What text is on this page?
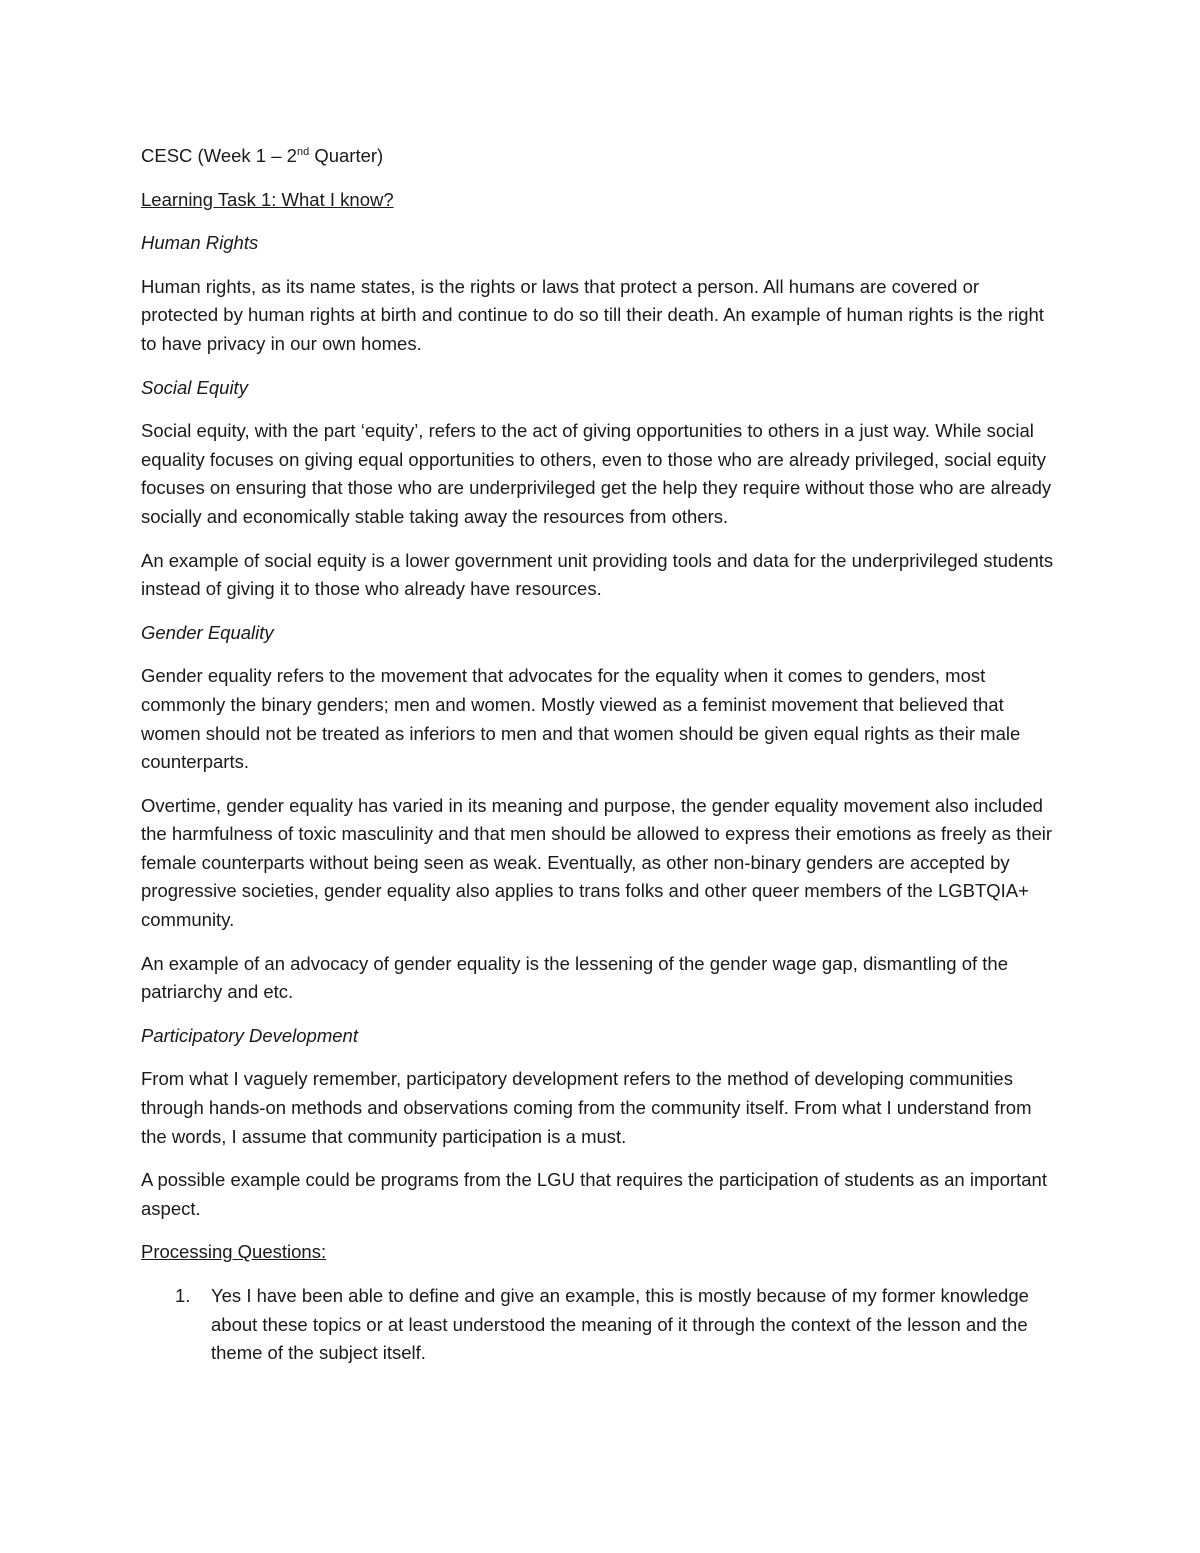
CESC (Week 1 – 2nd Quarter)

Learning Task 1: What I know?

Human Rights

Human rights, as its name states, is the rights or laws that protect a person. All humans are covered or protected by human rights at birth and continue to do so till their death. An example of human rights is the right to have privacy in our own homes.

Social Equity

Social equity, with the part ‘equity’, refers to the act of giving opportunities to others in a just way. While social equality focuses on giving equal opportunities to others, even to those who are already privileged, social equity focuses on ensuring that those who are underprivileged get the help they require without those who are already socially and economically stable taking away the resources from others.

An example of social equity is a lower government unit providing tools and data for the underprivileged students instead of giving it to those who already have resources.

Gender Equality

Gender equality refers to the movement that advocates for the equality when it comes to genders, most commonly the binary genders; men and women. Mostly viewed as a feminist movement that believed that women should not be treated as inferiors to men and that women should be given equal rights as their male counterparts.

Overtime, gender equality has varied in its meaning and purpose, the gender equality movement also included the harmfulness of toxic masculinity and that men should be allowed to express their emotions as freely as their female counterparts without being seen as weak. Eventually, as other non-binary genders are accepted by progressive societies, gender equality also applies to trans folks and other queer members of the LGBTQIA+ community.

An example of an advocacy of gender equality is the lessening of the gender wage gap, dismantling of the patriarchy and etc.

Participatory Development

From what I vaguely remember, participatory development refers to the method of developing communities through hands-on methods and observations coming from the community itself. From what I understand from the words, I assume that community participation is a must.

A possible example could be programs from the LGU that requires the participation of students as an important aspect.

Processing Questions:

1. Yes I have been able to define and give an example, this is mostly because of my former knowledge about these topics or at least understood the meaning of it through the context of the lesson and the theme of the subject itself.
